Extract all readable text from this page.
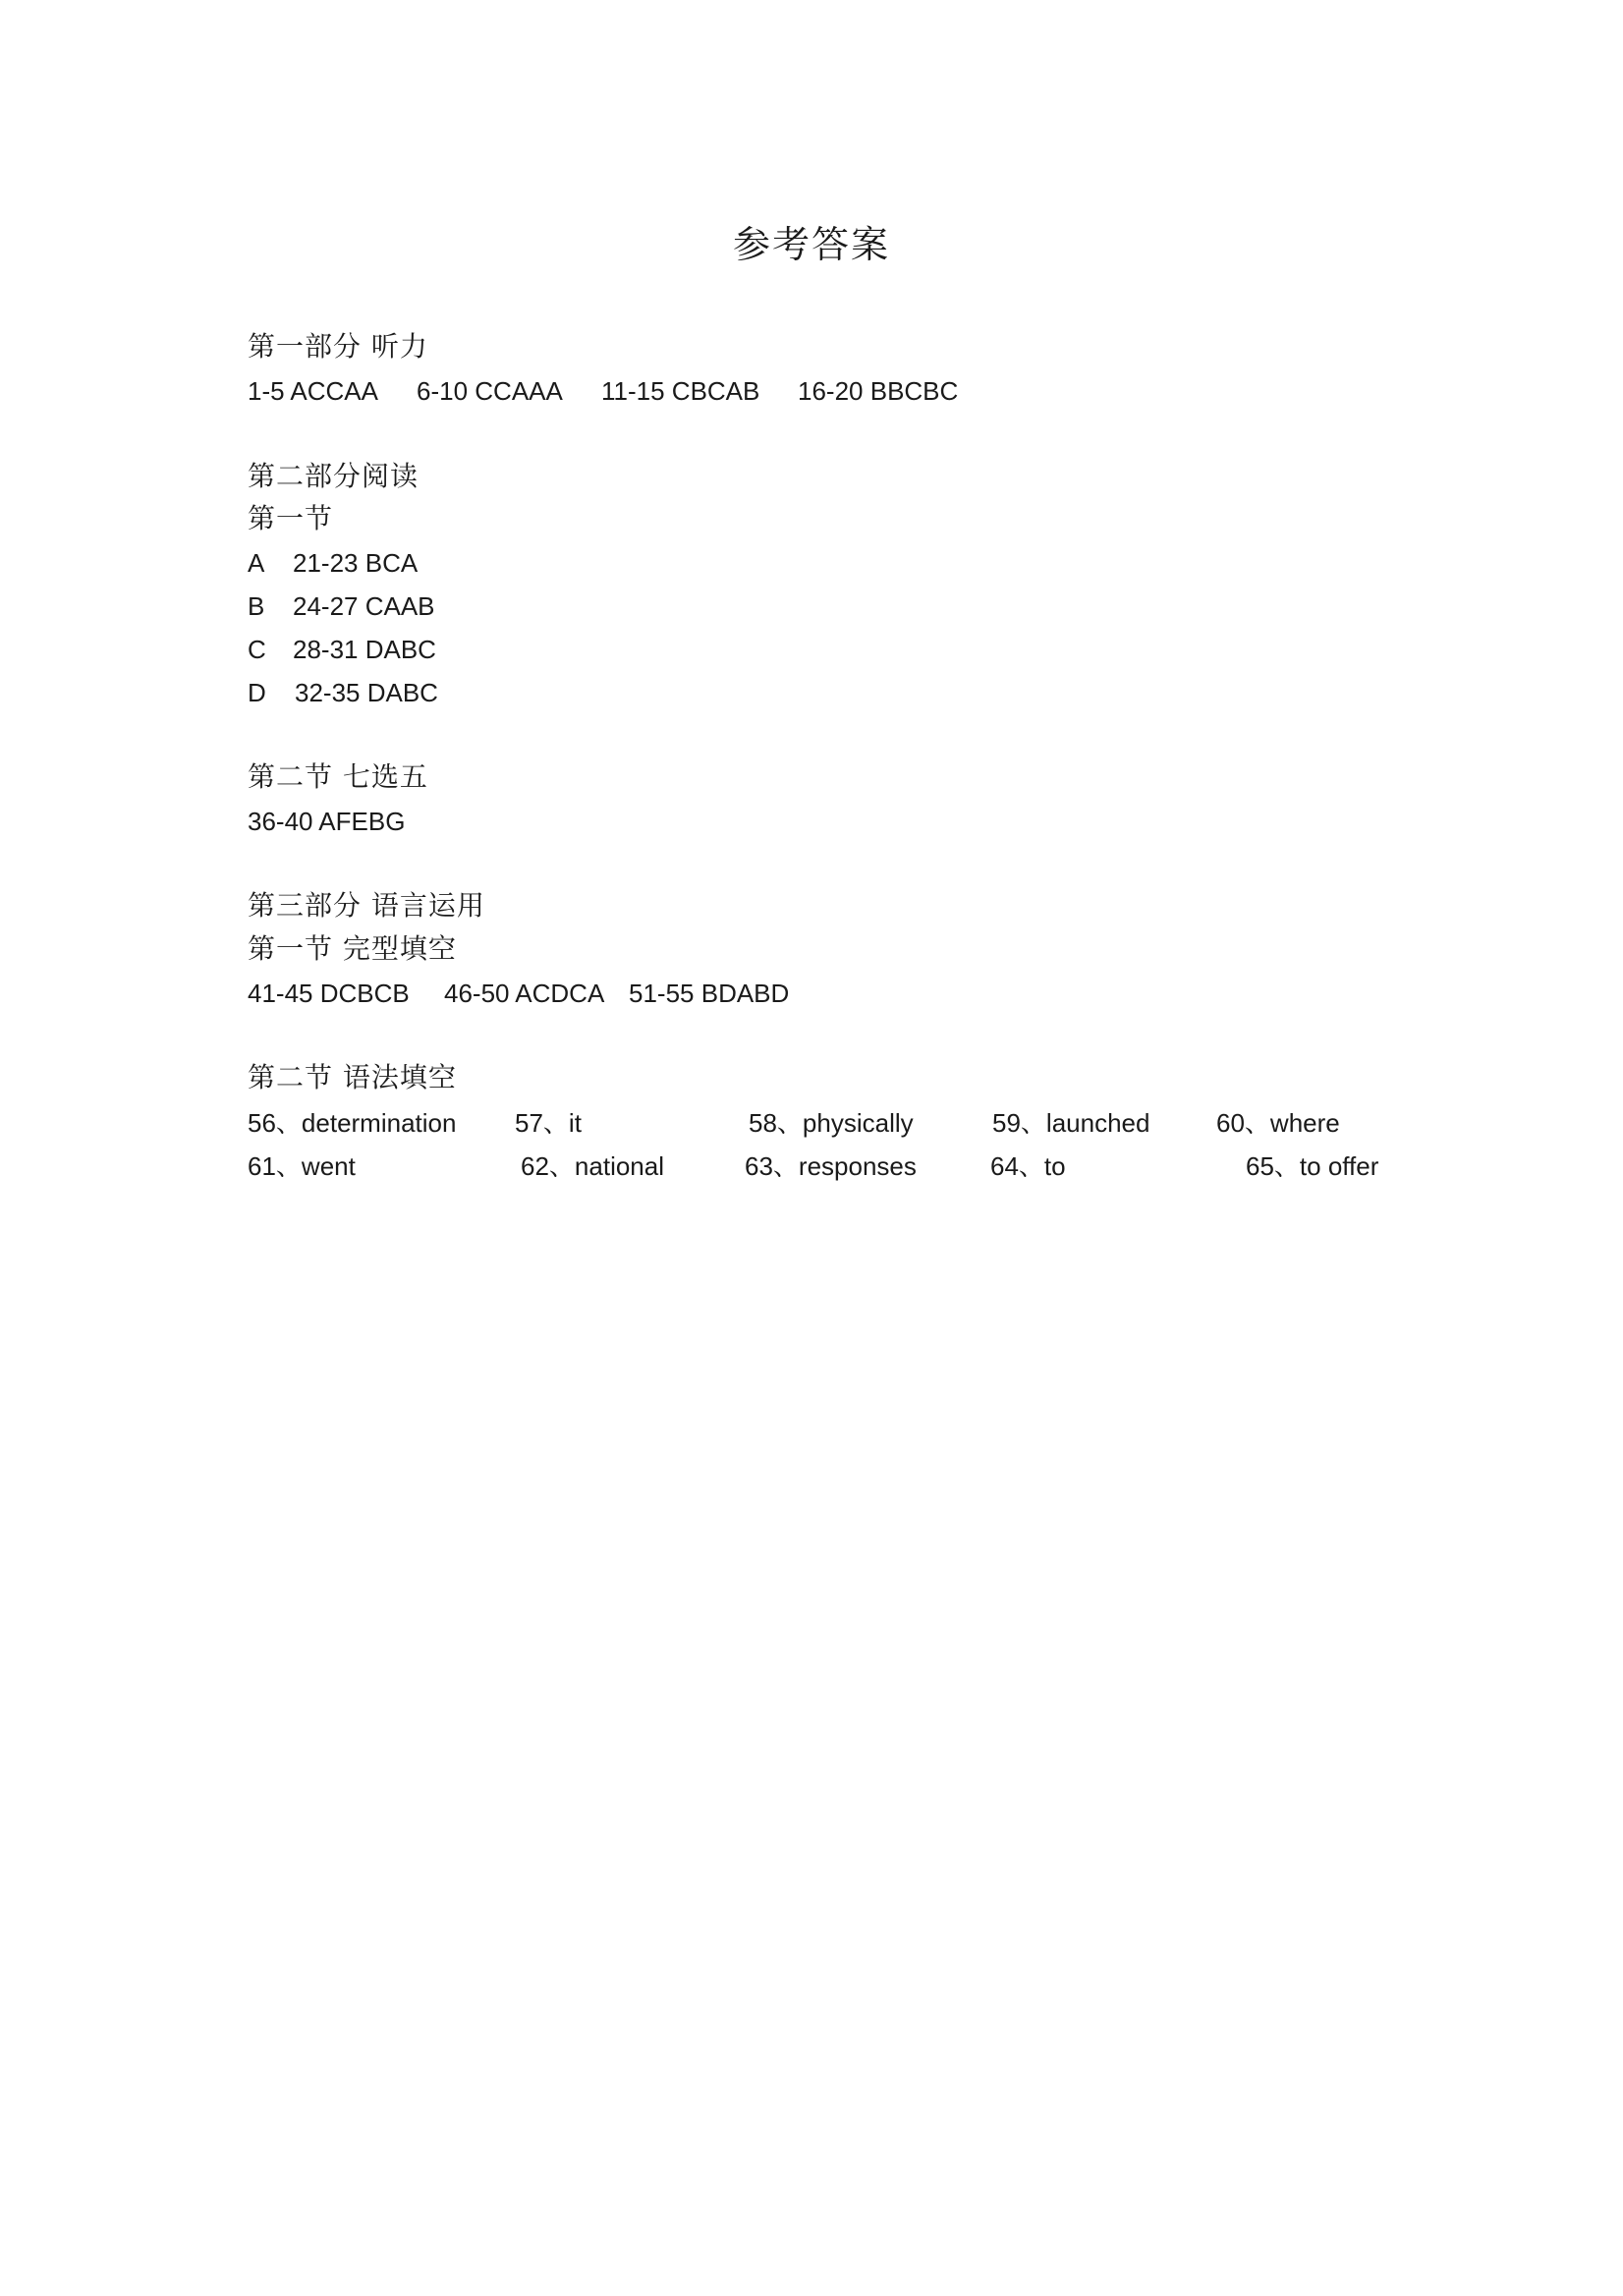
参考答案
第一部分 听力
1-5 ACCAA 6-10 CCAAA 11-15 CBCAB 16-20 BBCBC
第二部分阅读
第一节
A 21-23 BCA
B 24-27 CAAB
C 28-31 DABC
D 32-35 DABC
第二节 七选五
36-40 AFEBG
第三部分 语言运用
第一节 完型填空
41-45 DCBCB 46-50 ACDCA 51-55 BDABD
第二节 语法填空
56、determination 57、it	58、physically	59、launched	60、where
61、went	62、national	63、responses	64、to	65、to offer
